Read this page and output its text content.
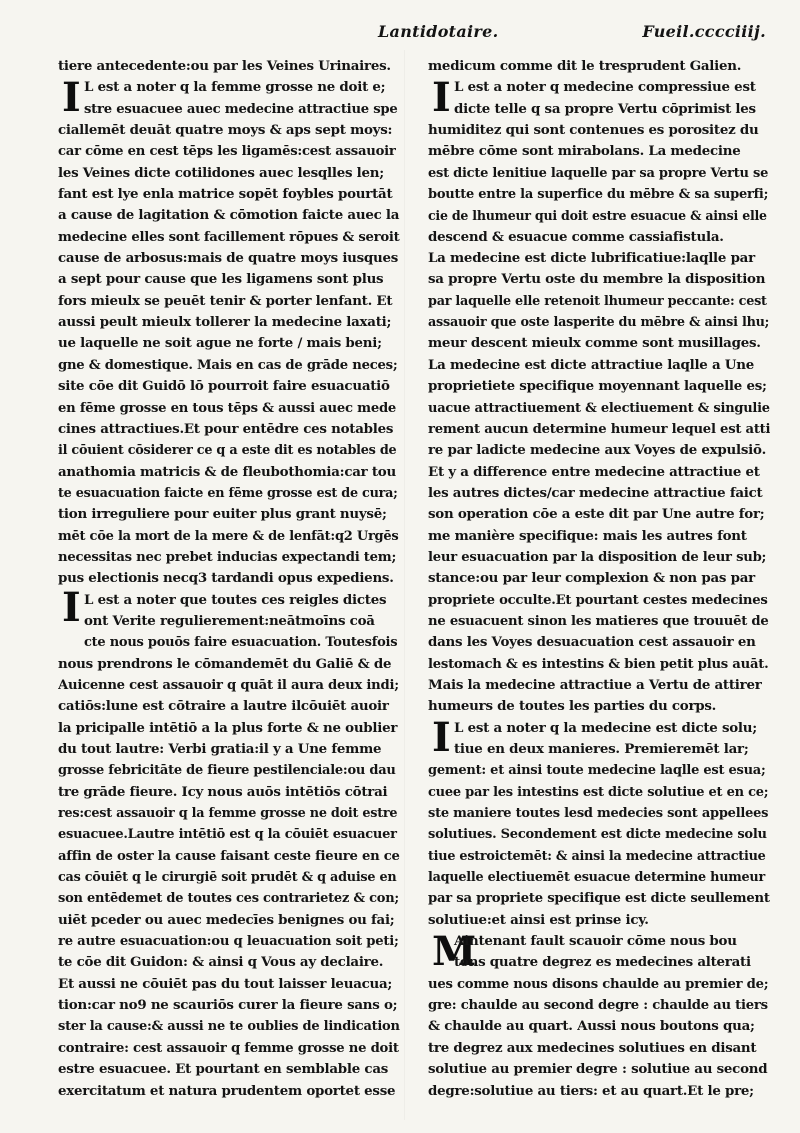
Lantidotaire.	Fueil.cccciiij.
I
I
I
I
M
tiere antecedente:ou par les Veines Urinaires.
L est a noter q la femme grosse ne doit e;
stre esuacuee auec medecine attractiue spe
ciallemēt deuāt quatre moys & aps sept moys:
car cōme en cest tēps les ligamēs:cest assauoir
les Veines dicte cotilidones auec lesqlles len;
fant est lye enla matrice sopēt foybles pourtāt
a cause de lagitation & cōmotion faicte auec la
medecine elles sont facillement rōpues & seroit
cause de arbosus:mais de quatre moys iusques
a sept pour cause que les ligamens sont plus
fors mieulx se peuēt tenir & porter lenfant. Et
aussi peult mieulx tollerer la medecine laxati;
ue laquelle ne soit ague ne forte / mais beni;
gne & domestique. Mais en cas de grāde neces;
site cōe dit Guidō lō pourroit faire esuacuatiō
en fēme grosse en tous tēps & aussi auec mede
cines attractiues.Et pour entēdre ces notables
il cōuient cōsiderer ce q a este dit es notables de
anathomia matricis & de fleubothomia:car tou
te esuacuation faicte en fēme grosse est de cura;
tion irreguliere pour euiter plus grant nuysē;
mēt cōe la mort de la mere & de lenfāt:q2 Urgēs
necessitas nec prebet inducias expectandi tem;
pus electionis necq3 tardandi opus expediens.
L est a noter que toutes ces reigles dictes
ont Verite regulierement:neātmoīns coā
cte nous pouōs faire esuacuation. Toutesfois
nous prendrons le cōmandemēt du Galiē & de
Auicenne cest assauoir q quāt il aura deux indi;
catiōs:lune est cōtraire a lautre ilcōuiēt auoir
la pricipalle intētiō a la plus forte & ne oublier
du tout lautre: Verbi gratia:il y a Une femme
grosse febricitāte de fieure pestilenciale:ou dau
tre grāde fieure. Icy nous auōs intētiōs cōtrai
res:cest assauoir q la femme grosse ne doit estre
esuacuee.Lautre intētiō est q la cōuiēt esuacuer
affin de oster la cause faisant ceste fieure en ce
cas cōuiēt q le cirurgiē soit prudēt & q aduise en
son entēdemet de toutes ces contrarietez & con;
uiēt pceder ou auec medecīes benignes ou fai;
re autre esuacuation:ou q leuacuation soit peti;
te cōe dit Guidon: & ainsi q Vous ay declaire.
Et aussi ne cōuiēt pas du tout laisser leuacua;
tion:car no9 ne scauriōs curer la fieure sans o;
ster la cause:& aussi ne te oublies de lindication
contraire: cest assauoir q femme grosse ne doit
estre esuacuee. Et pourtant en semblable cas
exercitatum et natura prudentem oportet esse
medicum comme dit le tresprudent Galien.
L est a noter q medecine compressiue est
dicte telle q sa propre Vertu cōprimist les
humiditez qui sont contenues es porositez du
mēbre cōme sont mirabolans. La medecine
est dicte lenitiue laquelle par sa propre Vertu se
boutte entre la superfice du mēbre & sa superfi;
cie de lhumeur qui doit estre esuacue & ainsi elle
descend & esuacue comme cassiafistula.
La medecine est dicte lubrificatiue:laqlle par
sa propre Vertu oste du membre la disposition
par laquelle elle retenoit lhumeur peccante: cest
assauoir que oste lasperite du mēbre & ainsi lhu;
meur descent mieulx comme sont musillages.
La medecine est dicte attractiue laqlle a Une
proprietiete specifique moyennant laquelle es;
uacue attractiuement & electiuement & singulie
rement aucun determine humeur lequel est atti
re par ladicte medecine aux Voyes de expulsiō.
Et y a difference entre medecine attractiue et
les autres dictes/car medecine attractiue faict
son operation cōe a este dit par Une autre for;
me manière specifique: mais les autres font
leur esuacuation par la disposition de leur sub;
stance:ou par leur complexion & non pas par
propriete occulte.Et pourtant cestes medecines
ne esuacuent sinon les matieres que trouuēt de
dans les Voyes desuacuation cest assauoir en
lestomach & es intestins & bien petit plus auāt.
Mais la medecine attractiue a Vertu de attirer
humeurs de toutes les parties du corps.
L est a noter q la medecine est dicte solu;
tiue en deux manieres. Premieremēt lar;
gement: et ainsi toute medecine laqlle est esua;
cuee par les intestins est dicte solutiue et en ce;
ste maniere toutes lesd medecies sont appellees
solutiues. Secondement est dicte medecine solu
tiue estroictemēt: & ainsi la medecine attractiue
laquelle electiuemēt esuacue determine humeur
par sa propriete specifique est dicte seullement
solutiue:et ainsi est prinse icy.
Aintenant fault scauoir cōme nous bou
tons quatre degrez es medecines alterati
ues comme nous disons chaulde au premier de;
gre: chaulde au second degre : chaulde au tiers
& chaulde au quart. Aussi nous boutons qua;
tre degrez aux medecines solutiues en disant
solutiue au premier degre : solutiue au second
degre:solutiue au tiers: et au quart.Et le pre;
